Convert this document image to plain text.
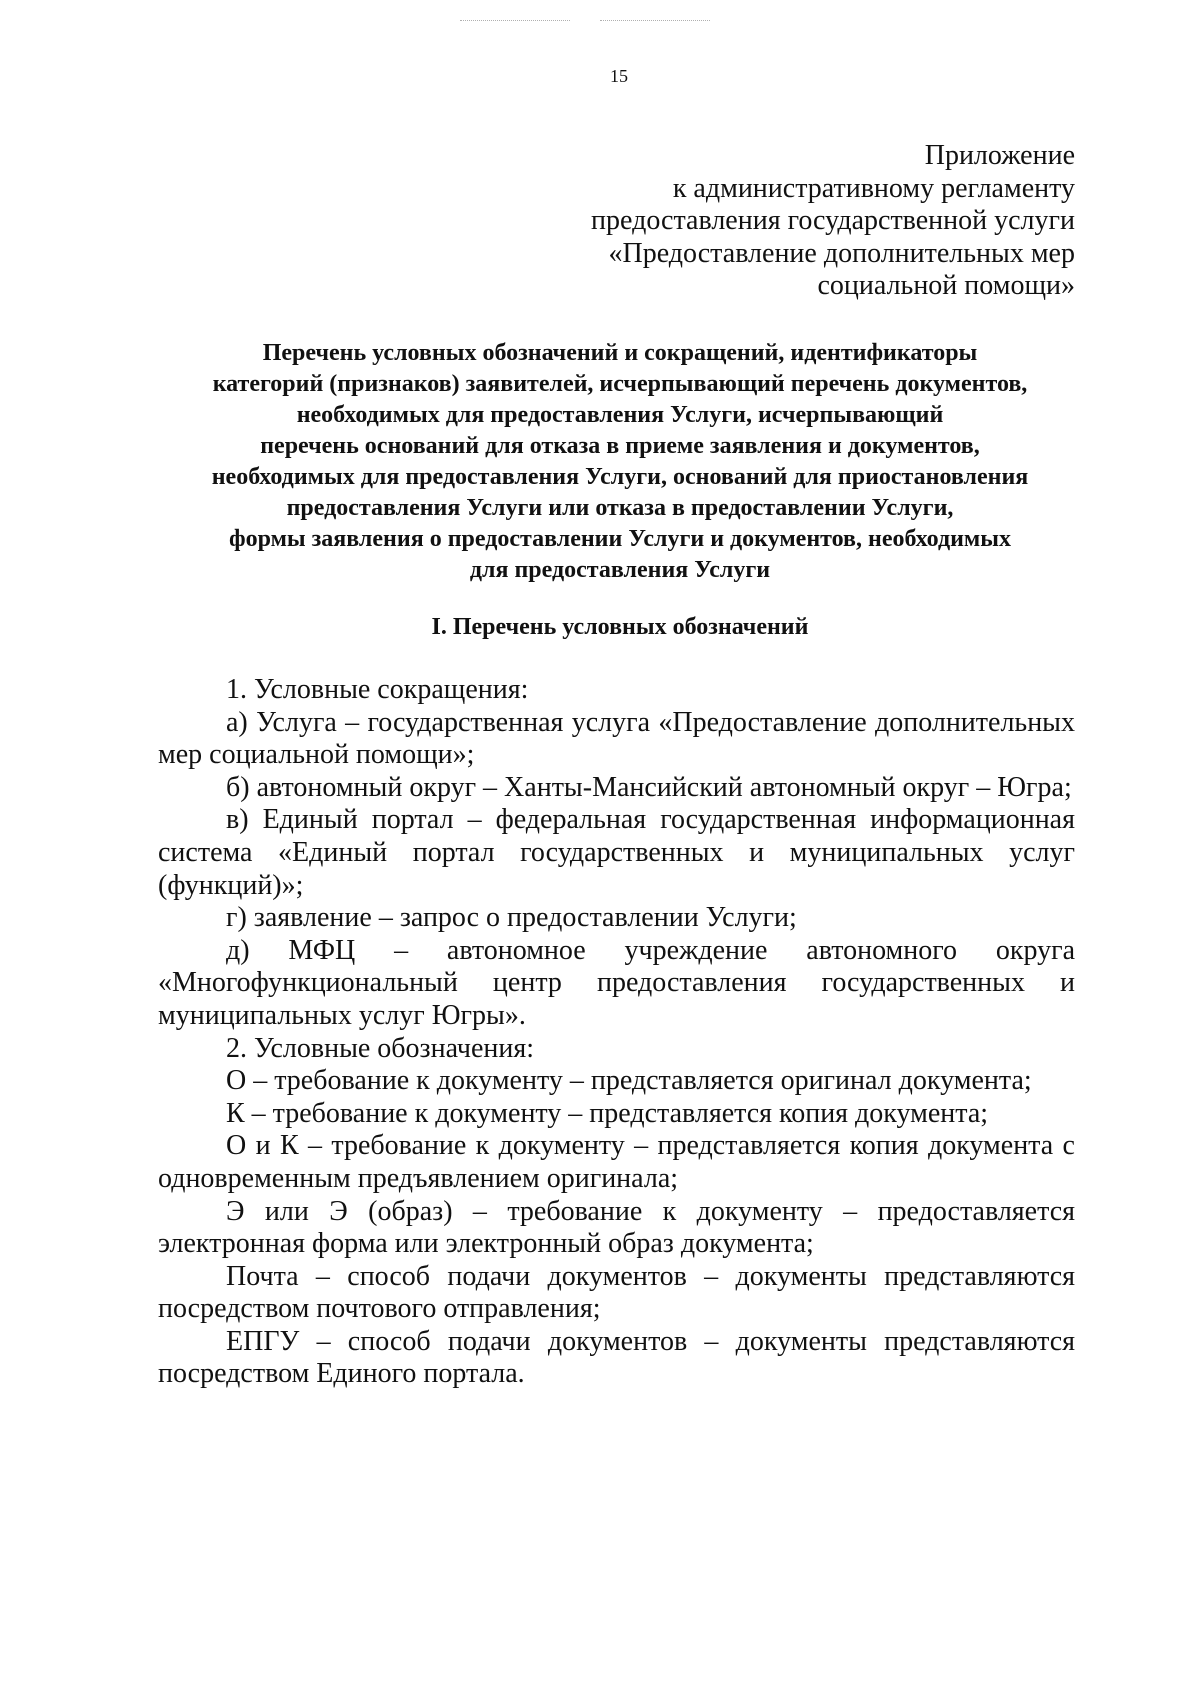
15
Приложение
к административному регламенту
предоставления государственной услуги
«Предоставление дополнительных мер
социальной помощи»
Перечень условных обозначений и сокращений, идентификаторы
категорий (признаков) заявителей, исчерпывающий перечень документов,
необходимых для предоставления Услуги, исчерпывающий
перечень оснований для отказа в приеме заявления и документов,
необходимых для предоставления Услуги, оснований для приостановления
предоставления Услуги или отказа в предоставлении Услуги,
формы заявления о предоставлении Услуги и документов, необходимых
для предоставления Услуги
I. Перечень условных обозначений

1. Условные сокращения:

а) Услуга – государственная услуга «Предоставление дополнительных мер социальной помощи»;

б) автономный округ – Ханты-Мансийский автономный округ – Югра;

в) Единый портал – федеральная государственная информационная система «Единый портал государственных и муниципальных услуг (функций)»;

г) заявление – запрос о предоставлении Услуги;

д) МФЦ – автономное учреждение автономного округа «Многофункциональный центр предоставления государственных и муниципальных услуг Югры».

2. Условные обозначения:

О – требование к документу – представляется оригинал документа;

К – требование к документу – представляется копия документа;

О и К – требование к документу – представляется копия документа с одновременным предъявлением оригинала;

Э или Э (образ) – требование к документу – предоставляется электронная форма или электронный образ документа;

Почта – способ подачи документов – документы представляются посредством почтового отправления;

ЕПГУ – способ подачи документов – документы представляются посредством Единого портала.
